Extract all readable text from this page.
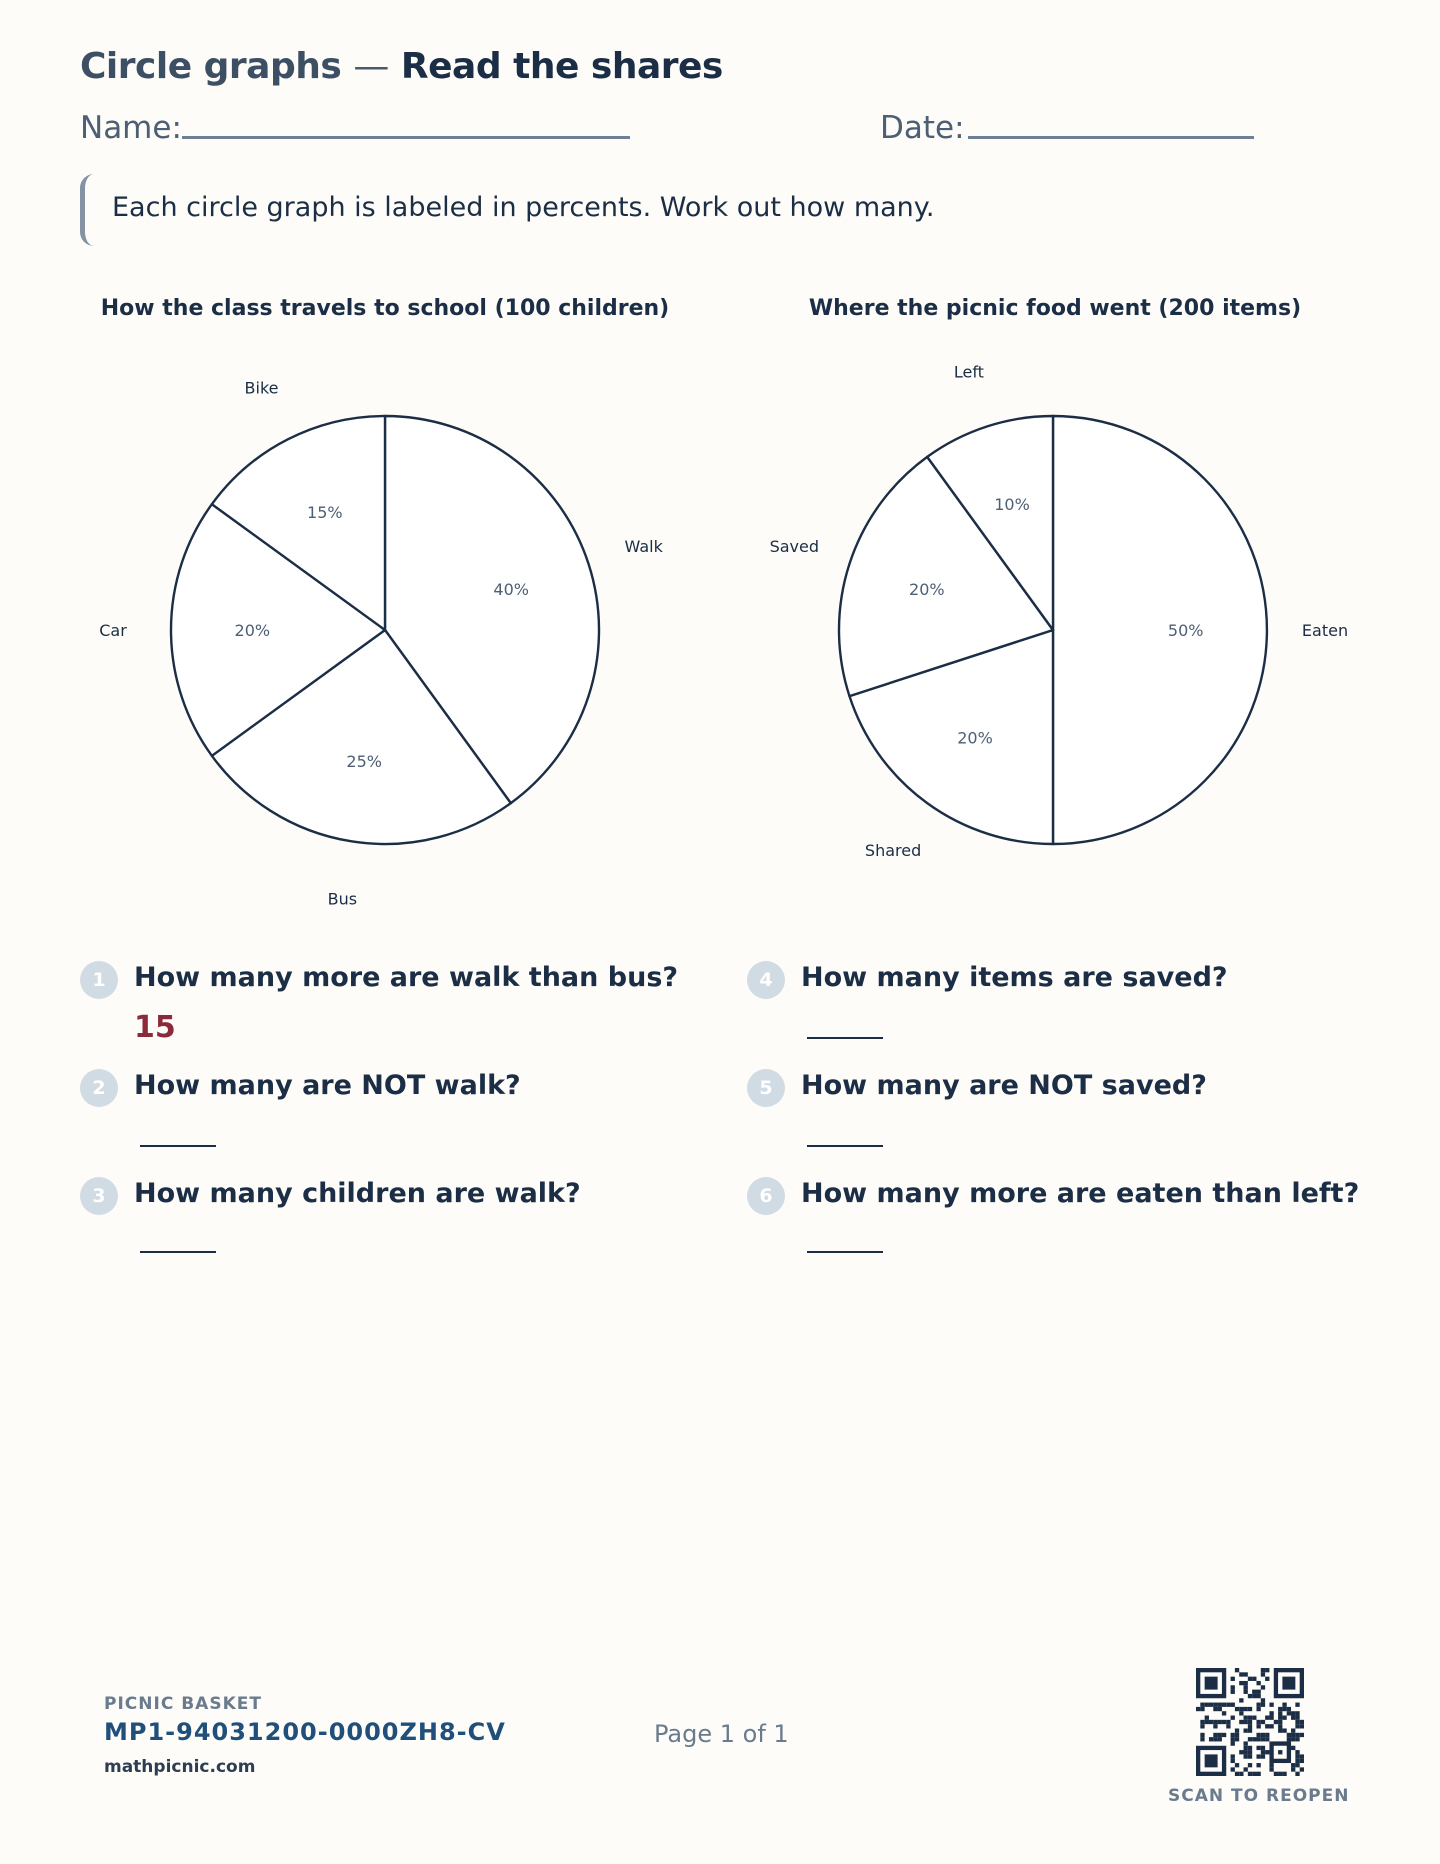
Circle graphs — Read the shares
Name:	Date:
Each circle graph is labeled in percents. Work out how many.
How the class travels to school (100 children)
40%
Walk
25%
Bus
20%
Car
15%
Bike
Where the picnic food went (200 items)
50%	Eaten
20%
Shared
20%
Saved
10%
Left
1	How many more are walk than bus?
15
2	How many are NOT walk?
3	How many children are walk?
4	How many items are saved?
5	How many are NOT saved?
6	How many more are eaten than left?
PICNIC BASKET
MP1-94031200-0000ZH8-CV
mathpicnic.com
Page 1 of 1
SCAN TO REOPEN
